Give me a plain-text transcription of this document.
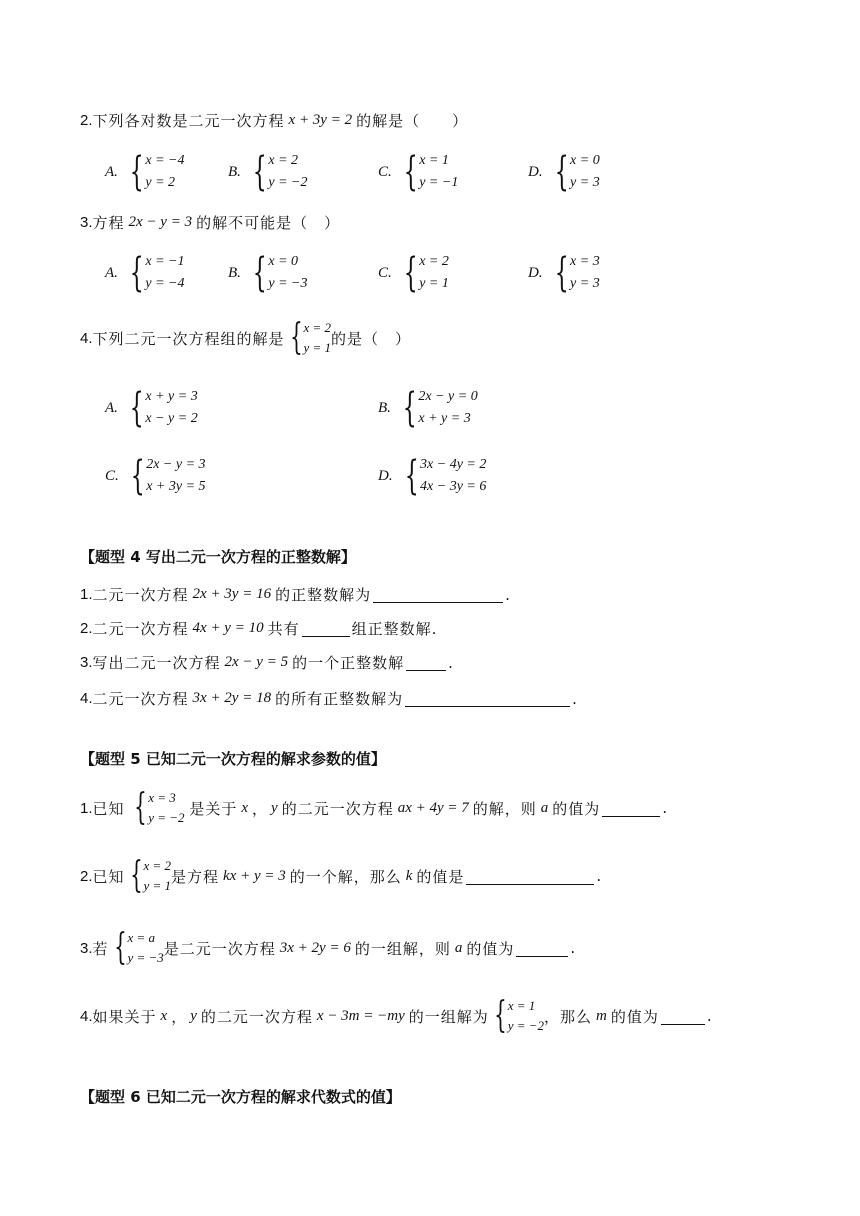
2. 下列各对数是二元一次方程 x + 3y = 2 的解是（　　）
A. { x = −4
y = 2
B. { x = 2
y = −2
C. { x = 1
y = −1
D. { x = 0
y = 3
3. 方程 2x − y = 3 的解不可能是（　）
A. { x = −1
y = −4
B. { x = 0
y = −3
C. { x = 2
y = 1
D. { x = 3
y = 3
4. 下列二元一次方程组的解是 { x = 2
y = 1 的是（　）
A. { x + y = 3
x − y = 2
B. { 2x − y = 0
x + y = 3
C. { 2x − y = 3
x + 3y = 5
D. { 3x − 4y = 2
4x − 3y = 6
【题型 4 写出二元一次方程的正整数解】
1. 二元一次方程 2x + 3y = 16 的正整数解为	.
2. 二元一次方程 4x + y = 10 共有	组正整数解.
3. 写出二元一次方程 2x − y = 5 的一个正整数解	.
4. 二元一次方程 3x + 2y = 18 的所有正整数解为	.
【题型 5 已知二元一次方程的解求参数的值】
1. 已知
{ x = 3
y = −2
是关于 x ， y 的二元一次方程 ax + 4y = 7 的解，则 a 的值为	.
2. 已知 { x = 2
y = 1 是方程 kx + y = 3 的一个解，那么 k 的值是	.
3. 若 { x = a
y = −3 是二元一次方程 3x + 2y = 6 的一组解，则 a 的值为	.
4. 如果关于 x ， y 的二元一次方程 x − 3m = −my 的一组解为 { x = 1
y = −2 ，那么 m 的值为	.
【题型 6 已知二元一次方程的解求代数式的值】
